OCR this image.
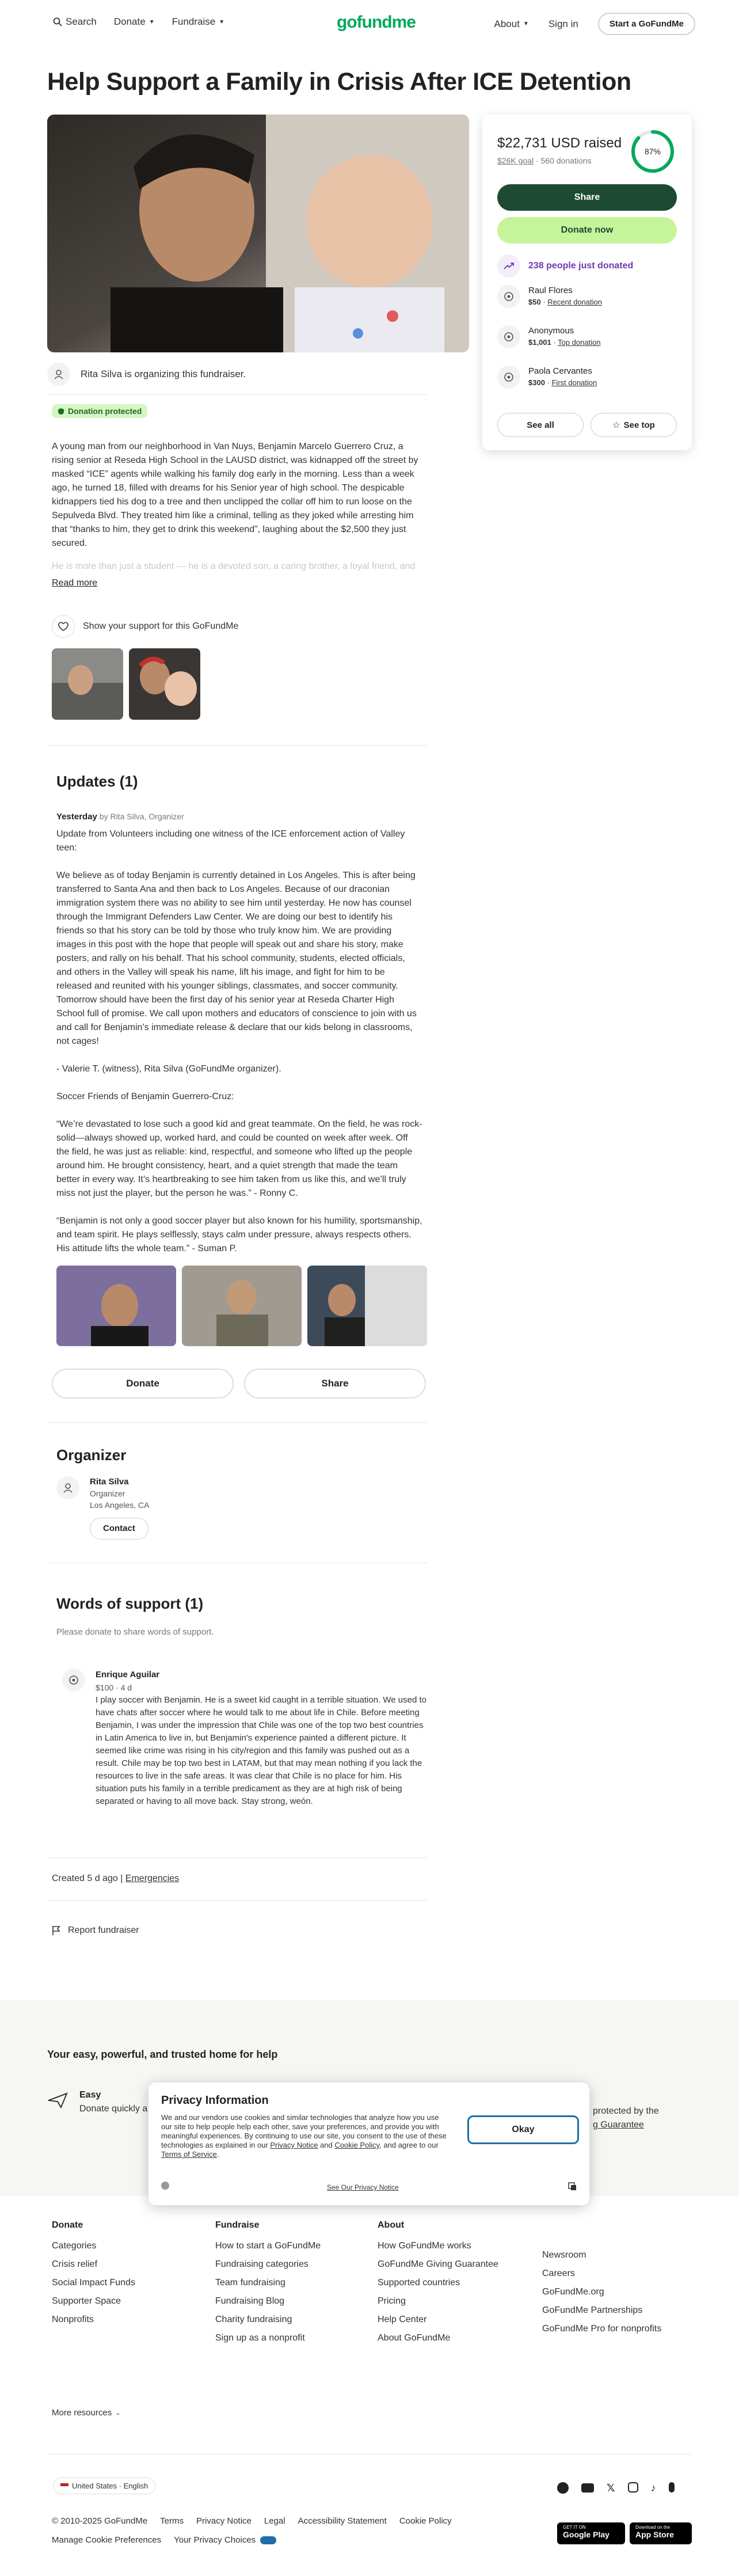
Search Donate ▼ Fundraise ▼	gofundme	About ▼ Sign in	Start a GoFundMe
Help Support a Family in Crisis After ICE Detention
Rita Silva is organizing this fundraiser.
Donation protected
A young man from our neighborhood in Van Nuys, Benjamin Marcelo Guerrero Cruz, a rising senior at Reseda High School in the LAUSD district, was kidnapped off the street by masked “ICE” agents while walking his family dog early in the morning. Less than a week ago, he turned 18, filled with dreams for his Senior year of high school. The despicable kidnappers tied his dog to a tree and then unclipped the collar off him to run loose on the Sepulveda Blvd. They treated him like a criminal, telling as they joked while arresting him that “thanks to him, they get to drink this weekend”, laughing about the $2,500 they just secured.
He is more than just a student — he is a devoted son, a caring brother, a loyal friend, and
Read more
Show your support for this GoFundMe
Updates (1)
Yesterday by Rita Silva, Organizer

Update from Volunteers including one witness of the ICE enforcement action of Valley teen:

We believe as of today Benjamin is currently detained in Los Angeles. This is after being transferred to Santa Ana and then back to Los Angeles. Because of our draconian immigration system there was no ability to see him until yesterday. He now has counsel through the Immigrant Defenders Law Center. We are doing our best to identify his friends so that his story can be told by those who truly know him. We are providing images in this post with the hope that people will speak out and share his story, make posters, and rally on his behalf. That his school community, students, elected officials, and others in the Valley will speak his name, lift his image, and fight for him to be released and reunited with his younger siblings, classmates, and soccer community. Tomorrow should have been the first day of his senior year at Reseda Charter High School full of promise. We call upon mothers and educators of conscience to join with us and call for Benjamin’s immediate release & declare that our kids belong in classrooms, not cages!

- Valerie T. (witness), Rita Silva (GoFundMe organizer).

Soccer Friends of Benjamin Guerrero-Cruz:

“We’re devastated to lose such a good kid and great teammate. On the field, he was rock-solid—always showed up, worked hard, and could be counted on week after week. Off the field, he was just as reliable: kind, respectful, and someone who lifted up the people around him. He brought consistency, heart, and a quiet strength that made the team better in every way. It’s heartbreaking to see him taken from us like this, and we’ll truly miss not just the player, but the person he was.” - Ronny C.

“Benjamin is not only a good soccer player but also known for his humility, sportsmanship, and team spirit. He plays selflessly, stays calm under pressure, always respects others. His attitude lifts the whole team.” - Suman P.

Donate	Share
Organizer
Rita Silva
Organizer
Los Angeles, CA
Contact
Words of support (1)
Please donate to share words of support.
Enrique Aguilar
$100 · 4 d
I play soccer with Benjamin. He is a sweet kid caught in a terrible situation. We used to have chats after soccer where he would talk to me about life in Chile. Before meeting Benjamin, I was under the impression that Chile was one of the top two best countries in Latin America to live in, but Benjamin's experience painted a different picture. It seemed like crime was rising in his city/region and this family was pushed out as a result. Chile may be top two best in LATAM, but that may mean nothing if you lack the resources to live in the safe areas. It was clear that Chile is no place for him. His situation puts his family in a terrible predicament as they are at high risk of being separated or having to all move back. Stay strong, weón.
Created 5 d ago | Emergencies
Report fundraiser
$22,731 USD raised
$26K goal · 560 donations
87%
Share
Donate now
238 people just donated
Raul Flores
$50 · Recent donation
Anonymous
$1,001 · Top donation
Paola Cervantes
$300 · First donation
See all	☆ See top
Your easy, powerful, and trusted home for help
Easy
Donate quickly a	protected by the
g Guarantee
Privacy Information
We and our vendors use cookies and similar technologies that analyze how you use our site to help people help each other, save your preferences, and provide you with meaningful experiences. By continuing to use our site, you consent to the use of these technologies as explained in our Privacy Notice and Cookie Policy, and agree to our Terms of Service.
Okay
See Our Privacy Notice
Donate
Categories
Crisis relief
Social Impact Funds
Supporter Space
Nonprofits
Fundraise
How to start a GoFundMe
Fundraising categories
Team fundraising
Fundraising Blog
Charity fundraising
Sign up as a nonprofit
About
How GoFundMe works
GoFundMe Giving Guarantee
Supported countries
Pricing
Help Center
About GoFundMe
Newsroom
Careers
GoFundMe.org
GoFundMe Partnerships
GoFundMe Pro for nonprofits
More resources ⌄
United States · English	𝕏	♪
© 2010-2025 GoFundMe Terms Privacy Notice Legal Accessibility Statement Cookie Policy
Manage Cookie Preferences Your Privacy Choices
GET IT ON
Google Play
Download on the
App Store
